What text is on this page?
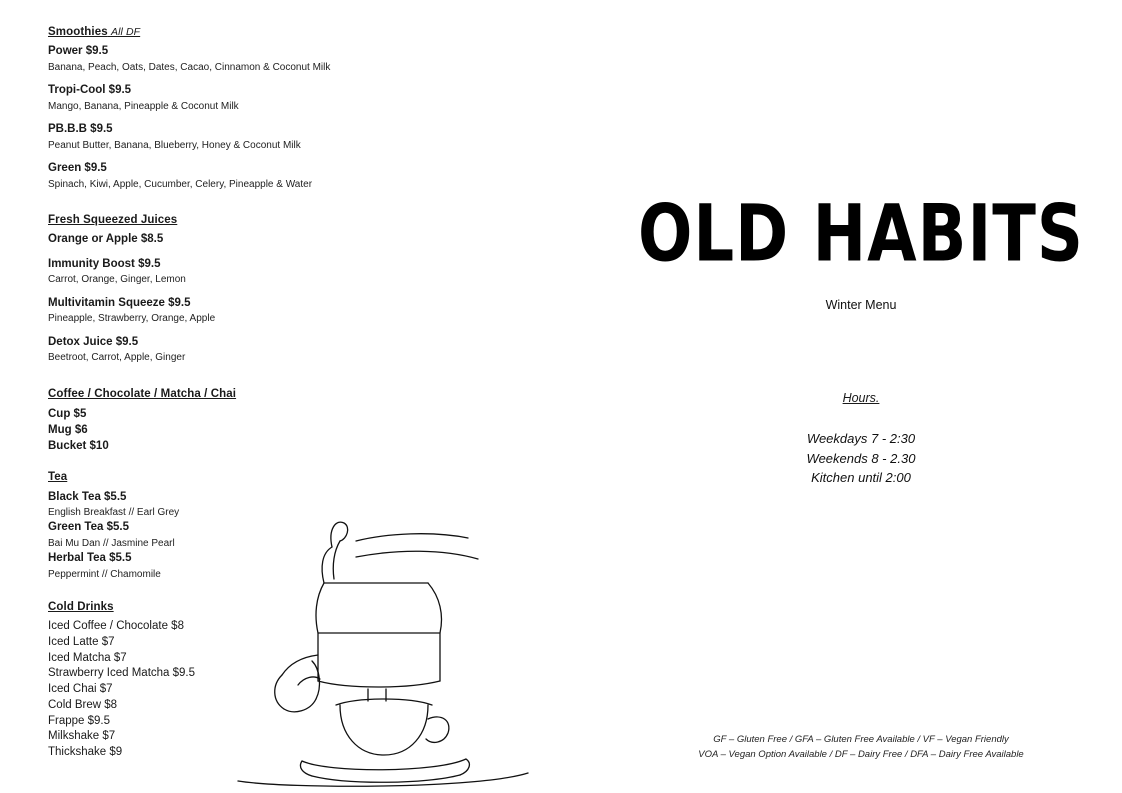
Smoothies All DF

Power $9.5

Banana, Peach, Oats, Dates, Cacao, Cinnamon & Coconut Milk

Tropi-Cool $9.5

Mango, Banana, Pineapple & Coconut Milk

PB.B.B $9.5

Peanut Butter, Banana, Blueberry, Honey & Coconut Milk

Green $9.5

Spinach, Kiwi, Apple, Cucumber, Celery, Pineapple & Water

Fresh Squeezed Juices

Orange or Apple $8.5

Immunity Boost $9.5

Carrot, Orange, Ginger, Lemon

Multivitamin Squeeze $9.5

Pineapple, Strawberry, Orange, Apple

Detox Juice $9.5

Beetroot, Carrot, Apple, Ginger

Coffee / Chocolate / Matcha / Chai

Cup $5

Mug $6

Bucket $10

Tea

Black Tea $5.5

English Breakfast // Earl Grey

Green Tea $5.5

Bai Mu Dan // Jasmine Pearl

Herbal Tea $5.5

Peppermint // Chamomile

Cold Drinks

Iced Coffee / Chocolate $8

Iced Latte $7

Iced Matcha $7

Strawberry Iced Matcha $9.5

Iced Chai $7

Cold Brew $8

Frappe $9.5

Milkshake $7

Thickshake $9

OLD HABITS
Winter Menu
Hours.
Weekdays 7 - 2:30
Weekends 8 - 2.30
Kitchen until 2:00
GF – Gluten Free / GFA – Gluten Free Available / VF – Vegan Friendly
VOA – Vegan Option Available / DF – Dairy Free / DFA – Dairy Free Available
